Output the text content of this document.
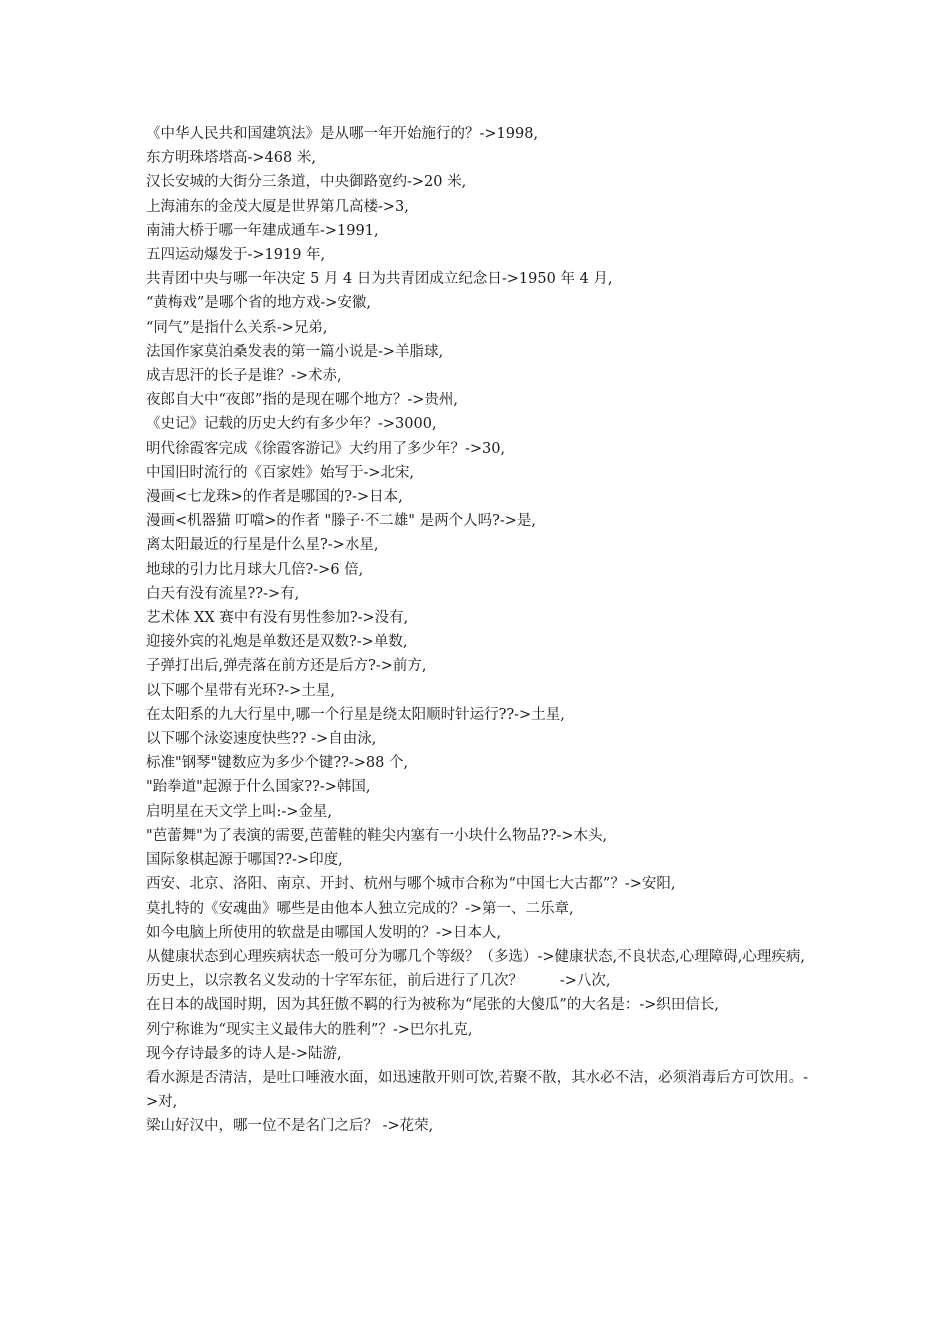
《中华人民共和国建筑法》是从哪一年开始施行的？->1998,

东方明珠塔塔高->468 米,

汉长安城的大街分三条道，中央御路宽约->20 米,

上海浦东的金茂大厦是世界第几高楼->3,

南浦大桥于哪一年建成通车->1991,

五四运动爆发于->1919 年,

共青团中央与哪一年决定 5 月 4 日为共青团成立纪念日->1950 年 4 月,

“黄梅戏”是哪个省的地方戏->安徽,

“同气”是指什么关系->兄弟,

法国作家莫泊桑发表的第一篇小说是->羊脂球,

成吉思汗的长子是谁？->术赤,

夜郎自大中“夜郎”指的是现在哪个地方？->贵州,

《史记》记载的历史大约有多少年？->3000,

明代徐霞客完成《徐霞客游记》大约用了多少年？->30,

中国旧时流行的《百家姓》始写于->北宋,

漫画<七龙珠>的作者是哪国的?->日本,

漫画<机器猫 叮噹>的作者 "滕子·不二雄" 是两个人吗?->是,

离太阳最近的行星是什么星?->水星,

地球的引力比月球大几倍?->6 倍,

白天有没有流星??->有,

艺术体 XX 赛中有没有男性参加?->没有,

迎接外宾的礼炮是单数还是双数?->单数,

子弹打出后,弹壳落在前方还是后方?->前方,

以下哪个星带有光环?->土星,

在太阳系的九大行星中,哪一个行星是绕太阳顺时针运行??->土星,

以下哪个泳姿速度快些?? ->自由泳,

标准"钢琴"键数应为多少个键??->88 个,

"跆拳道"起源于什么国家??->韩国,

启明星在天文学上叫:->金星,

"芭蕾舞"为了表演的需要,芭蕾鞋的鞋尖内塞有一小块什么物品??->木头,

国际象棋起源于哪国??->印度,

西安、北京、洛阳、南京、开封、杭州与哪个城市合称为“中国七大古都”？->安阳,

莫扎特的《安魂曲》哪些是由他本人独立完成的？->第一、二乐章,

如今电脑上所使用的软盘是由哪国人发明的？->日本人,

从健康状态到心理疾病状态一般可分为哪几个等级？（多选）->健康状态,不良状态,心理障碍,心理疾病,

历史上，以宗教名义发动的十字军东征，前后进行了几次？        ->八次,

在日本的战国时期，因为其狂傲不羁的行为被称为“尾张的大傻瓜”的大名是：->织田信长,

列宁称谁为“现实主义最伟大的胜利”？->巴尔扎克,

现今存诗最多的诗人是->陆游,

看水源是否清洁，是吐口唾液水面，如迅速散开则可饮,若聚不散，其水必不洁，必须消毒后方可饮用。->对,

梁山好汉中，哪一位不是名门之后？ ->花荣,
